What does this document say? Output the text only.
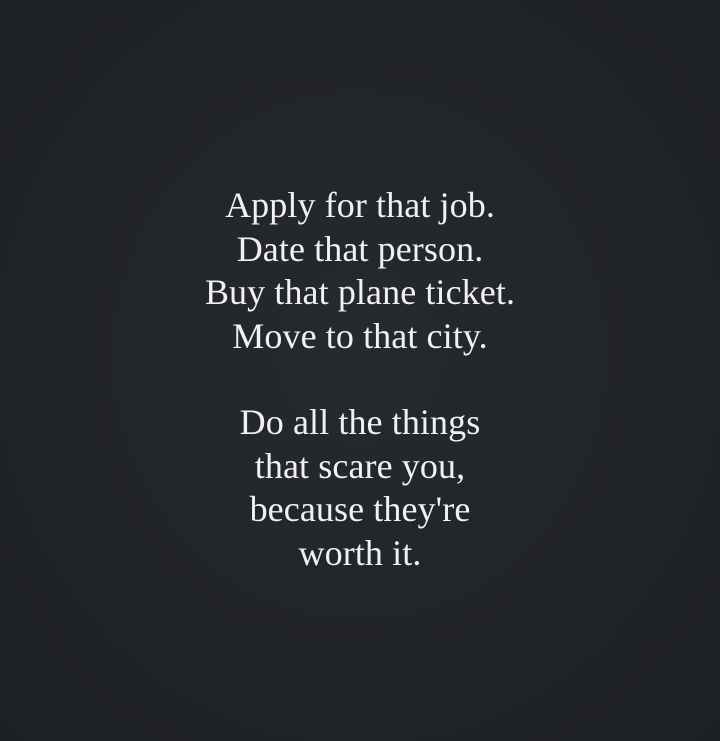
Apply for that job.
Date that person.
Buy that plane ticket.
Move to that city.
Do all the things
that scare you,
because they're
worth it.
